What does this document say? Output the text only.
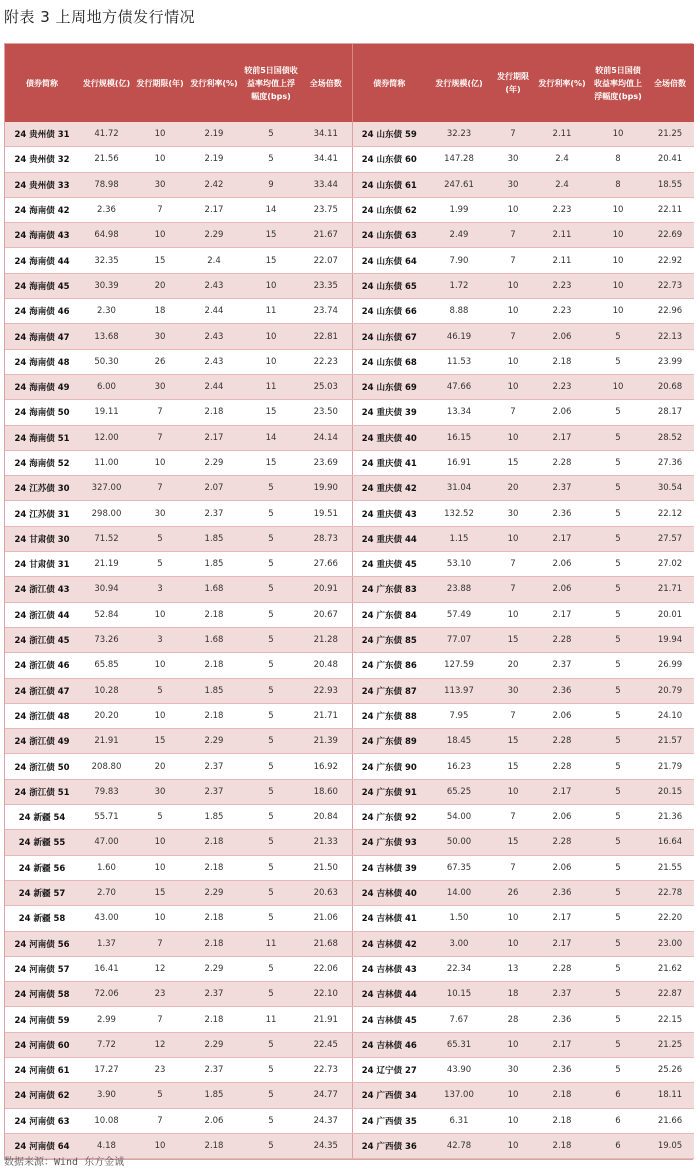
附表 3 上周地方债发行情况
债券简称	发行规模(亿)	发行期限(年)	发行利率(%)	较前5日国债收益率均值上浮幅度(bps)	全场倍数	债券简称	发行规模(亿)	发行期限(年)	发行利率(%)	较前5日国债收益率均值上浮幅度(bps)	全场倍数
24 贵州债 31	41.72	10	2.19	5	34.11	24 山东债 59	32.23	7	2.11	10	21.25
24 贵州债 32	21.56	10	2.19	5	34.41	24 山东债 60	147.28	30	2.4	8	20.41
24 贵州债 33	78.98	30	2.42	9	33.44	24 山东债 61	247.61	30	2.4	8	18.55
24 海南债 42	2.36	7	2.17	14	23.75	24 山东债 62	1.99	10	2.23	10	22.11
24 海南债 43	64.98	10	2.29	15	21.67	24 山东债 63	2.49	7	2.11	10	22.69
24 海南债 44	32.35	15	2.4	15	22.07	24 山东债 64	7.90	7	2.11	10	22.92
24 海南债 45	30.39	20	2.43	10	23.35	24 山东债 65	1.72	10	2.23	10	22.73
24 海南债 46	2.30	18	2.44	11	23.74	24 山东债 66	8.88	10	2.23	10	22.96
24 海南债 47	13.68	30	2.43	10	22.81	24 山东债 67	46.19	7	2.06	5	22.13
24 海南债 48	50.30	26	2.43	10	22.23	24 山东债 68	11.53	10	2.18	5	23.99
24 海南债 49	6.00	30	2.44	11	25.03	24 山东债 69	47.66	10	2.23	10	20.68
24 海南债 50	19.11	7	2.18	15	23.50	24 重庆债 39	13.34	7	2.06	5	28.17
24 海南债 51	12.00	7	2.17	14	24.14	24 重庆债 40	16.15	10	2.17	5	28.52
24 海南债 52	11.00	10	2.29	15	23.69	24 重庆债 41	16.91	15	2.28	5	27.36
24 江苏债 30	327.00	7	2.07	5	19.90	24 重庆债 42	31.04	20	2.37	5	30.54
24 江苏债 31	298.00	30	2.37	5	19.51	24 重庆债 43	132.52	30	2.36	5	22.12
24 甘肃债 30	71.52	5	1.85	5	28.73	24 重庆债 44	1.15	10	2.17	5	27.57
24 甘肃债 31	21.19	5	1.85	5	27.66	24 重庆债 45	53.10	7	2.06	5	27.02
24 浙江债 43	30.94	3	1.68	5	20.91	24 广东债 83	23.88	7	2.06	5	21.71
24 浙江债 44	52.84	10	2.18	5	20.67	24 广东债 84	57.49	10	2.17	5	20.01
24 浙江债 45	73.26	3	1.68	5	21.28	24 广东债 85	77.07	15	2.28	5	19.94
24 浙江债 46	65.85	10	2.18	5	20.48	24 广东债 86	127.59	20	2.37	5	26.99
24 浙江债 47	10.28	5	1.85	5	22.93	24 广东债 87	113.97	30	2.36	5	20.79
24 浙江债 48	20.20	10	2.18	5	21.71	24 广东债 88	7.95	7	2.06	5	24.10
24 浙江债 49	21.91	15	2.29	5	21.39	24 广东债 89	18.45	15	2.28	5	21.57
24 浙江债 50	208.80	20	2.37	5	16.92	24 广东债 90	16.23	15	2.28	5	21.79
24 浙江债 51	79.83	30	2.37	5	18.60	24 广东债 91	65.25	10	2.17	5	20.15
24 新疆 54	55.71	5	1.85	5	20.84	24 广东债 92	54.00	7	2.06	5	21.36
24 新疆 55	47.00	10	2.18	5	21.33	24 广东债 93	50.00	15	2.28	5	16.64
24 新疆 56	1.60	10	2.18	5	21.50	24 吉林债 39	67.35	7	2.06	5	21.55
24 新疆 57	2.70	15	2.29	5	20.63	24 吉林债 40	14.00	26	2.36	5	22.78
24 新疆 58	43.00	10	2.18	5	21.06	24 吉林债 41	1.50	10	2.17	5	22.20
24 河南债 56	1.37	7	2.18	11	21.68	24 吉林债 42	3.00	10	2.17	5	23.00
24 河南债 57	16.41	12	2.29	5	22.06	24 吉林债 43	22.34	13	2.28	5	21.62
24 河南债 58	72.06	23	2.37	5	22.10	24 吉林债 44	10.15	18	2.37	5	22.87
24 河南债 59	2.99	7	2.18	11	21.91	24 吉林债 45	7.67	28	2.36	5	22.15
24 河南债 60	7.72	12	2.29	5	22.45	24 吉林债 46	65.31	10	2.17	5	21.25
24 河南债 61	17.27	23	2.37	5	22.73	24 辽宁债 27	43.90	30	2.36	5	25.26
24 河南债 62	3.90	5	1.85	5	24.77	24 广西债 34	137.00	10	2.18	6	18.11
24 河南债 63	10.08	7	2.06	5	24.37	24 广西债 35	6.31	10	2.18	6	21.66
24 河南债 64	4.18	10	2.18	5	24.35	24 广西债 36	42.78	10	2.18	6	19.05
数据来源：Wind 东方金诚
